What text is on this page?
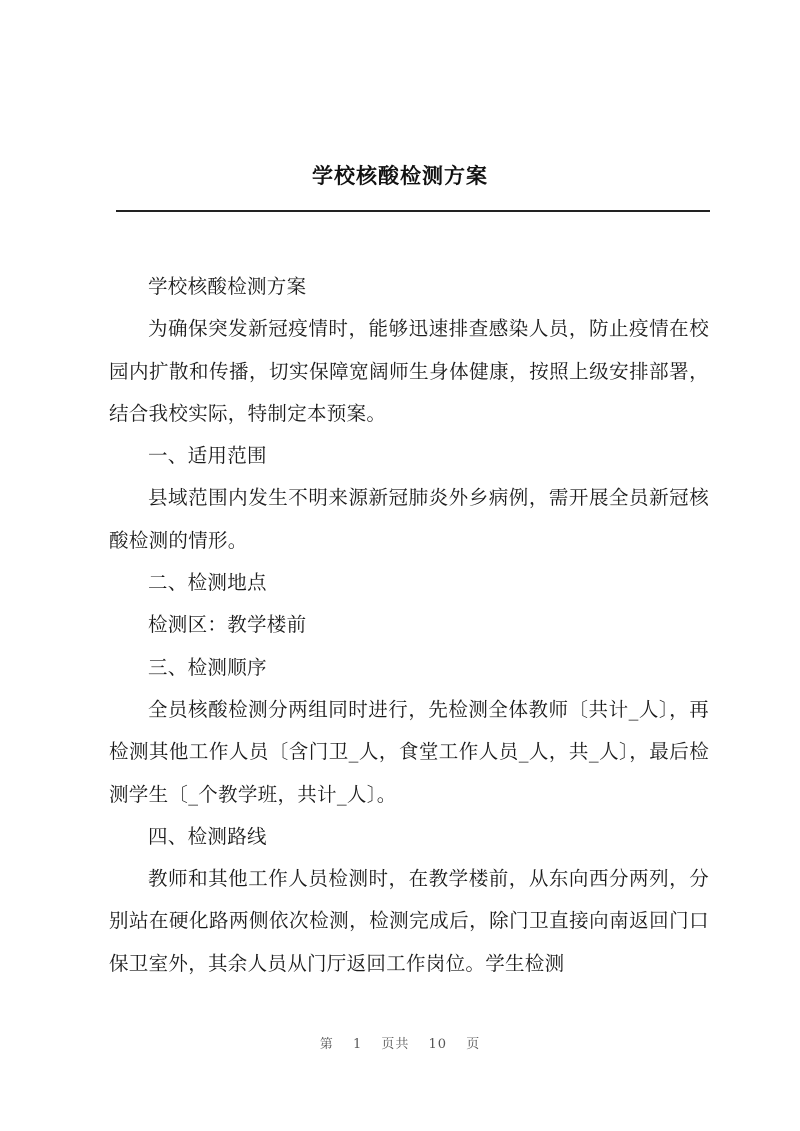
学校核酸检测方案

学校核酸检测方案

为确保突发新冠疫情时，能够迅速排查感染人员，防止疫情在校园内扩散和传播，切实保障宽阔师生身体健康，按照上级安排部署，结合我校实际，特制定本预案。

一、适用范围

县域范围内发生不明来源新冠肺炎外乡病例，需开展全员新冠核酸检测的情形。

二、检测地点

检测区：教学楼前

三、检测顺序

全员核酸检测分两组同时进行，先检测全体教师〔共计_人〕，再检测其他工作人员〔含门卫_人，食堂工作人员_人，共_人〕，最后检测学生〔_个教学班，共计_人〕。

四、检测路线

教师和其他工作人员检测时，在教学楼前，从东向西分两列，分别站在硬化路两侧依次检测，检测完成后，除门卫直接向南返回门口保卫室外，其余人员从门厅返回工作岗位。学生检测

第 1 页共 10 页
